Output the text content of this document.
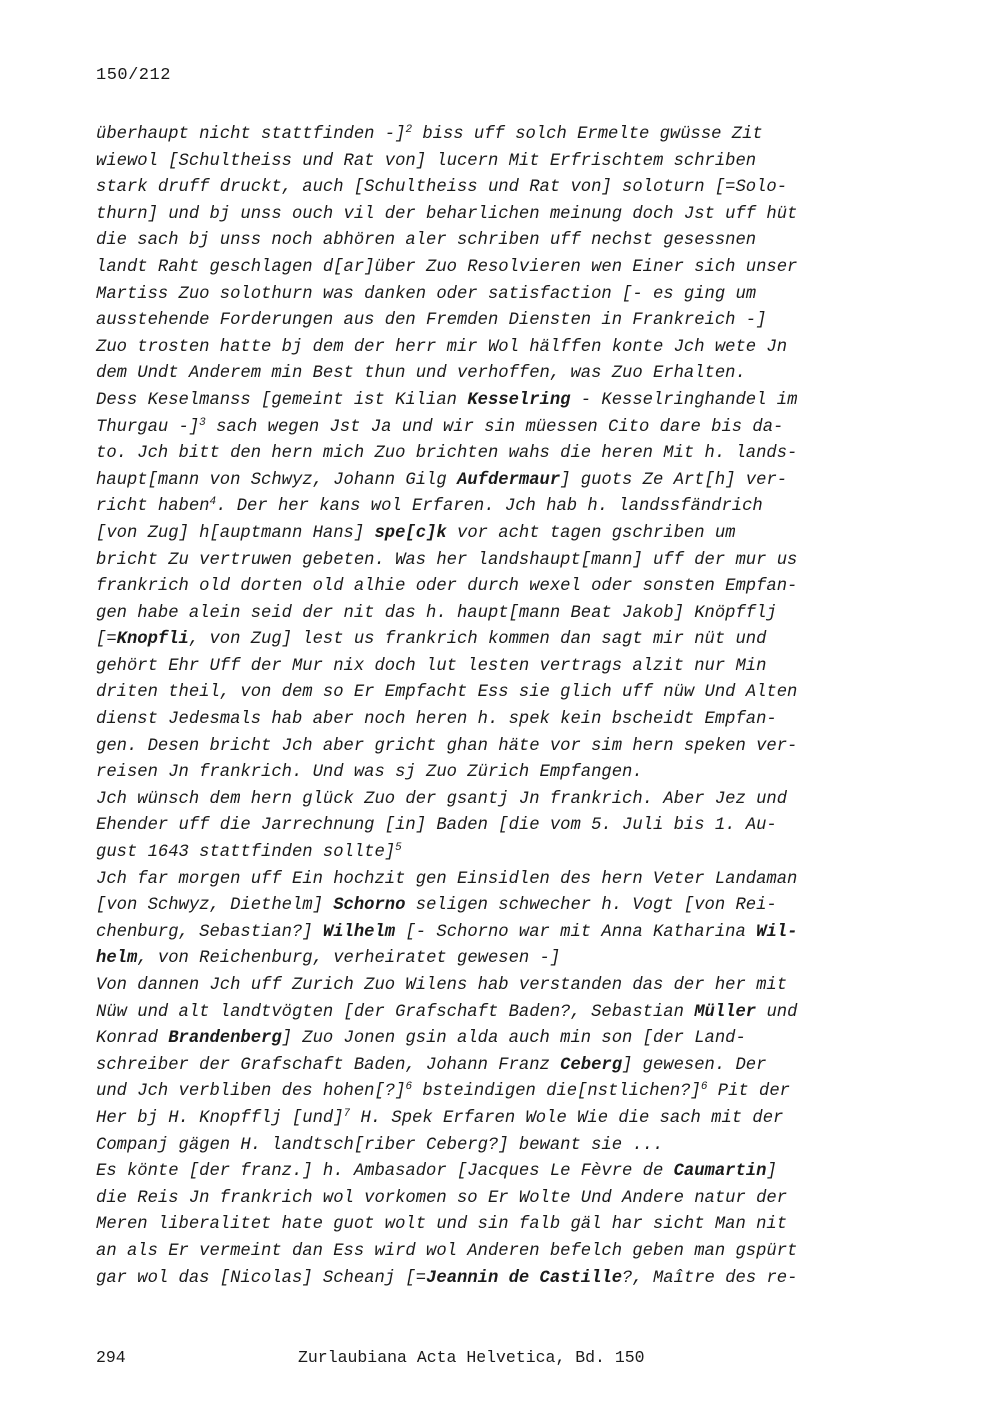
150/212
überhaupt nicht stattfinden -]$^2$ biss uff solch Ermelte gwüsse Zit
wiewol [Schultheiss und Rat von] lucern Mit Erfrischtem schriben
stark druff druckt, auch [Schultheiss und Rat von] soloturn [=Solo-
thurn] und bj unss ouch vil der beharlichen meinung doch Jst uff hüt
die sach bj unss noch abhören aler schriben uff nechst gesessnen
landt Raht geschlagen d[ar]über Zuo Resolvieren wen Einer sich unser
Martiss Zuo solothurn was danken oder satisfaction [- es ging um
ausstehende Forderungen aus den Fremden Diensten in Frankreich -]
Zuo trosten hatte bj dem der herr mir Wol hälffen konte Jch wete Jn
dem Undt Anderem min Best thun und verhoffen, was Zuo Erhalten.
Dess Keselmanss [gemeint ist Kilian Kesselring - Kesselringhandel im
Thurgau -]$^3$ sach wegen Jst Ja und wir sin müessen Cito dare bis da-
to. Jch bitt den hern mich Zuo brichten wahs die heren Mit h. lands-
haupt[mann von Schwyz, Johann Gilg Aufdermaur] guots Ze Art[h] ver-
richt haben$^4$. Der her kans wol Erfaren. Jch hab h. landssfändrich
[von Zug] h[auptmann Hans] spe[c]k vor acht tagen gschriben um
bricht Zu vertruwen gebeten. Was her landshaupt[mann] uff der mur us
frankrich old dorten old alhie oder durch wexel oder sonsten Empfan-
gen habe alein seid der nit das h. haupt[mann Beat Jakob] Knöpfflj
[=Knopfli, von Zug] lest us frankrich kommen dan sagt mir nüt und
gehört Ehr Uff der Mur nix doch lut lesten vertrags alzit nur Min
driten theil, von dem so Er Empfacht Ess sie glich uff nüw Und Alten
dienst Jedesmals hab aber noch heren h. spek kein bscheidt Empfan-
gen. Desen bricht Jch aber gricht ghan häte vor sim hern speken ver-
reisen Jn frankrich. Und was sj Zuo Zürich Empfangen.
Jch wünsch dem hern glück Zuo der gsantj Jn frankrich. Aber Jez und
Ehender uff die Jarrechnung [in] Baden [die vom 5. Juli bis 1. Au-
gust 1643 stattfinden sollte]$^5$
Jch far morgen uff Ein hochzit gen Einsidlen des hern Veter Landaman
[von Schwyz, Diethelm] Schorno seligen schwecher h. Vogt [von Rei-
chenburg, Sebastian?] Wilhelm [- Schorno war mit Anna Katharina Wil-
helm, von Reichenburg, verheiratet gewesen -]
Von dannen Jch uff Zurich Zuo Wilens hab verstanden das der her mit
Nüw und alt landtvögten [der Grafschaft Baden?, Sebastian Müller und
Konrad Brandenberg] Zuo Jonen gsin alda auch min son [der Land-
schreiber der Grafschaft Baden, Johann Franz Ceberg] gewesen. Der
und Jch verbliben des hohen[?]$^6$ bsteindigen die[nstlichen?]$^6$ Pit der
Her bj H. Knopfflj [und]$^7$ H. Spek Erfaren Wole Wie die sach mit der
Companj gägen H. landtsch[riber Ceberg?] bewant sie ...
Es könte [der franz.] h. Ambasador [Jacques Le Fèvre de Caumartin]
die Reis Jn frankrich wol vorkomen so Er Wolte Und Andere natur der
Meren liberalitet hate guot wolt und sin falb gäl har sicht Man nit
an als Er vermeint dan Ess wird wol Anderen befelch geben man gspürt
gar wol das [Nicolas] Scheanj [=Jeannin de Castille?, Maître des re-
294	Zurlaubiana Acta Helvetica, Bd. 150
